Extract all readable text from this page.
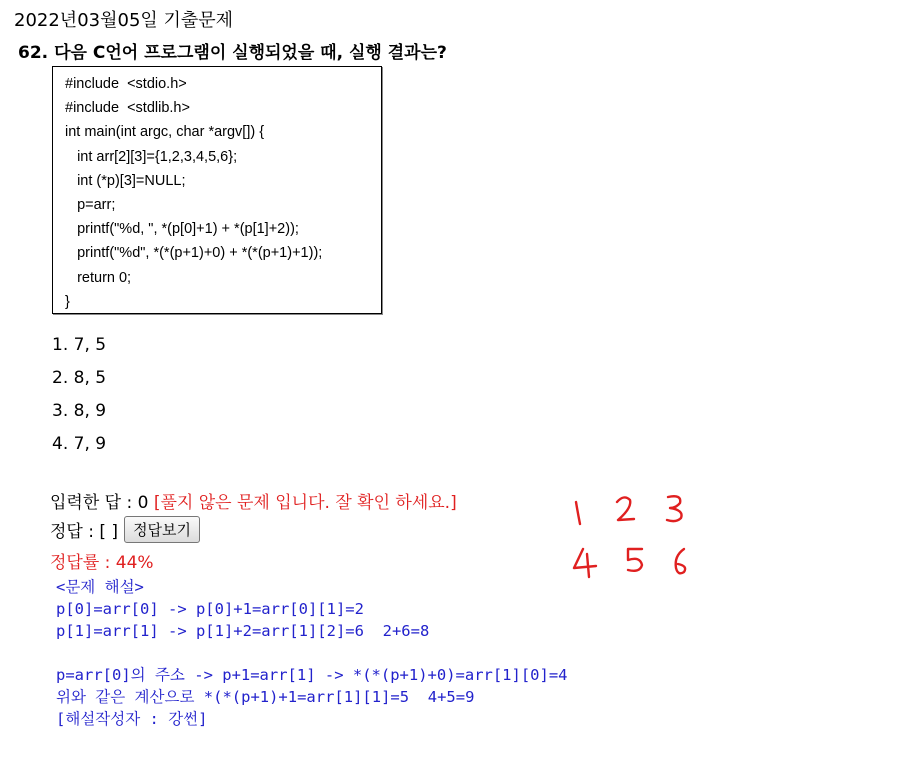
2022년03월05일 기출문제
62. 다음 C언어 프로그램이 실행되었을 때, 실행 결과는?
#include  <stdio.h>
#include  <stdlib.h>
int main(int argc, char *argv[]) {
int arr[2][3]={1,2,3,4,5,6};
int (*p)[3]=NULL;
p=arr;
printf("%d, ", *(p[0]+1) + *(p[1]+2));
printf("%d", *(*(p+1)+0) + *(*(p+1)+1));
return 0;
}
1. 7, 5
2. 8, 5
3. 8, 9
4. 7, 9
입력한 답 : 0 [풀지 않은 문제 입니다. 잘 확인 하세요.]
정답 : [ ]	정답보기
정답률 : 44%
<문제 해설>
p[0]=arr[0] -> p[0]+1=arr[0][1]=2
p[1]=arr[1] -> p[1]+2=arr[1][2]=6  2+6=8
p=arr[0]의 주소 -> p+1=arr[1] -> *(*(p+1)+0)=arr[1][0]=4
위와 같은 계산으로 *(*(p+1)+1=arr[1][1]=5  4+5=9
[해설작성자 : 강썬]
